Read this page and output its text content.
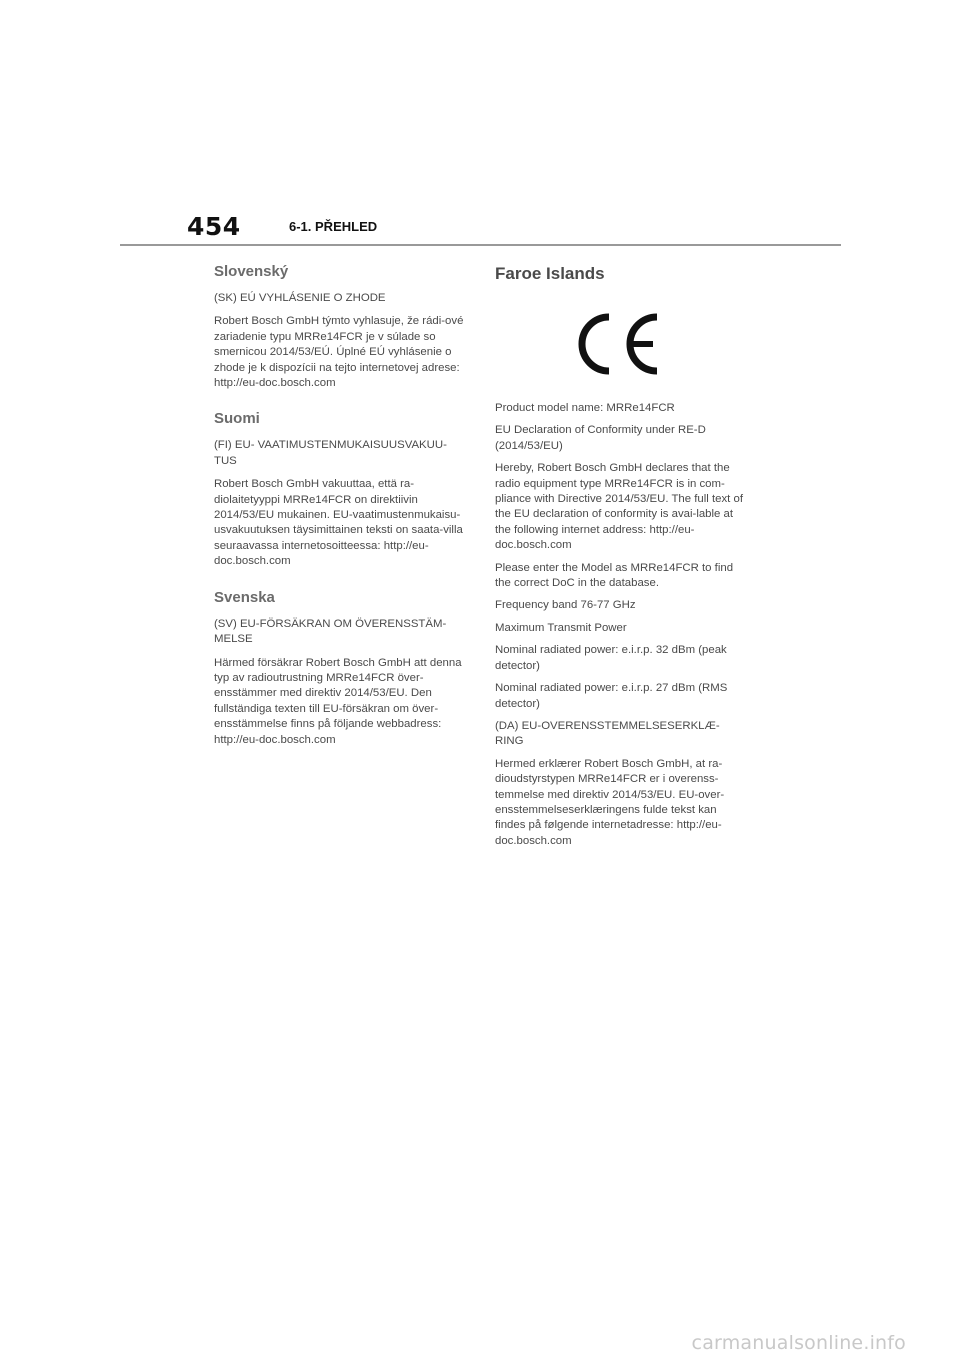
454	6-1. PŘEHLED
Slovenský

(SK) EÚ VYHLÁSENIE O ZHODE

Robert Bosch GmbH týmto vyhlasuje, že rádi-ové zariadenie typu MRRe14FCR je v súlade so smernicou 2014/53/EÚ. Úplné EÚ vyhlásenie o zhode je k dispozícii na tejto internetovej adrese: http://eu-doc.bosch.com

Suomi

(FI) EU- VAATIMUSTENMUKAISUUSVAKUU-TUS

Robert Bosch GmbH vakuuttaa, että ra-diolaitetyyppi MRRe14FCR on direktiivin 2014/53/EU mukainen. EU-vaatimustenmukaisu-usvakuutuksen täysimittainen teksti on saata-villa seuraavassa internetosoitteessa: http://eu-doc.bosch.com

Svenska

(SV) EU-FÖRSÄKRAN OM ÖVERENSSTÄM-MELSE

Härmed försäkrar Robert Bosch GmbH att denna typ av radioutrustning MRRe14FCR över-ensstämmer med direktiv 2014/53/EU. Den fullständiga texten till EU-försäkran om över-ensstämmelse finns på följande webbadress: http://eu-doc.bosch.com

Faroe Islands

Product model name: MRRe14FCR

EU Declaration of Conformity under RE-D (2014/53/EU)

Hereby, Robert Bosch GmbH declares that the radio equipment type MRRe14FCR is in com-pliance with Directive 2014/53/EU. The full text of the EU declaration of conformity is avai-lable at the following internet address: http://eu-doc.bosch.com

Please enter the Model as MRRe14FCR to find the correct DoC in the database.

Frequency band 76-77 GHz

Maximum Transmit Power

Nominal radiated power: e.i.r.p. 32 dBm (peak detector)

Nominal radiated power: e.i.r.p. 27 dBm (RMS detector)

(DA) EU-OVERENSSTEMMELSESERKLÆ-RING

Hermed erklærer Robert Bosch GmbH, at ra-dioudstyrstypen MRRe14FCR er i overenss-temmelse med direktiv 2014/53/EU. EU-over-ensstemmelseserklæringens fulde tekst kan findes på følgende internetadresse: http://eu-doc.bosch.com

carmanualsonline.info
